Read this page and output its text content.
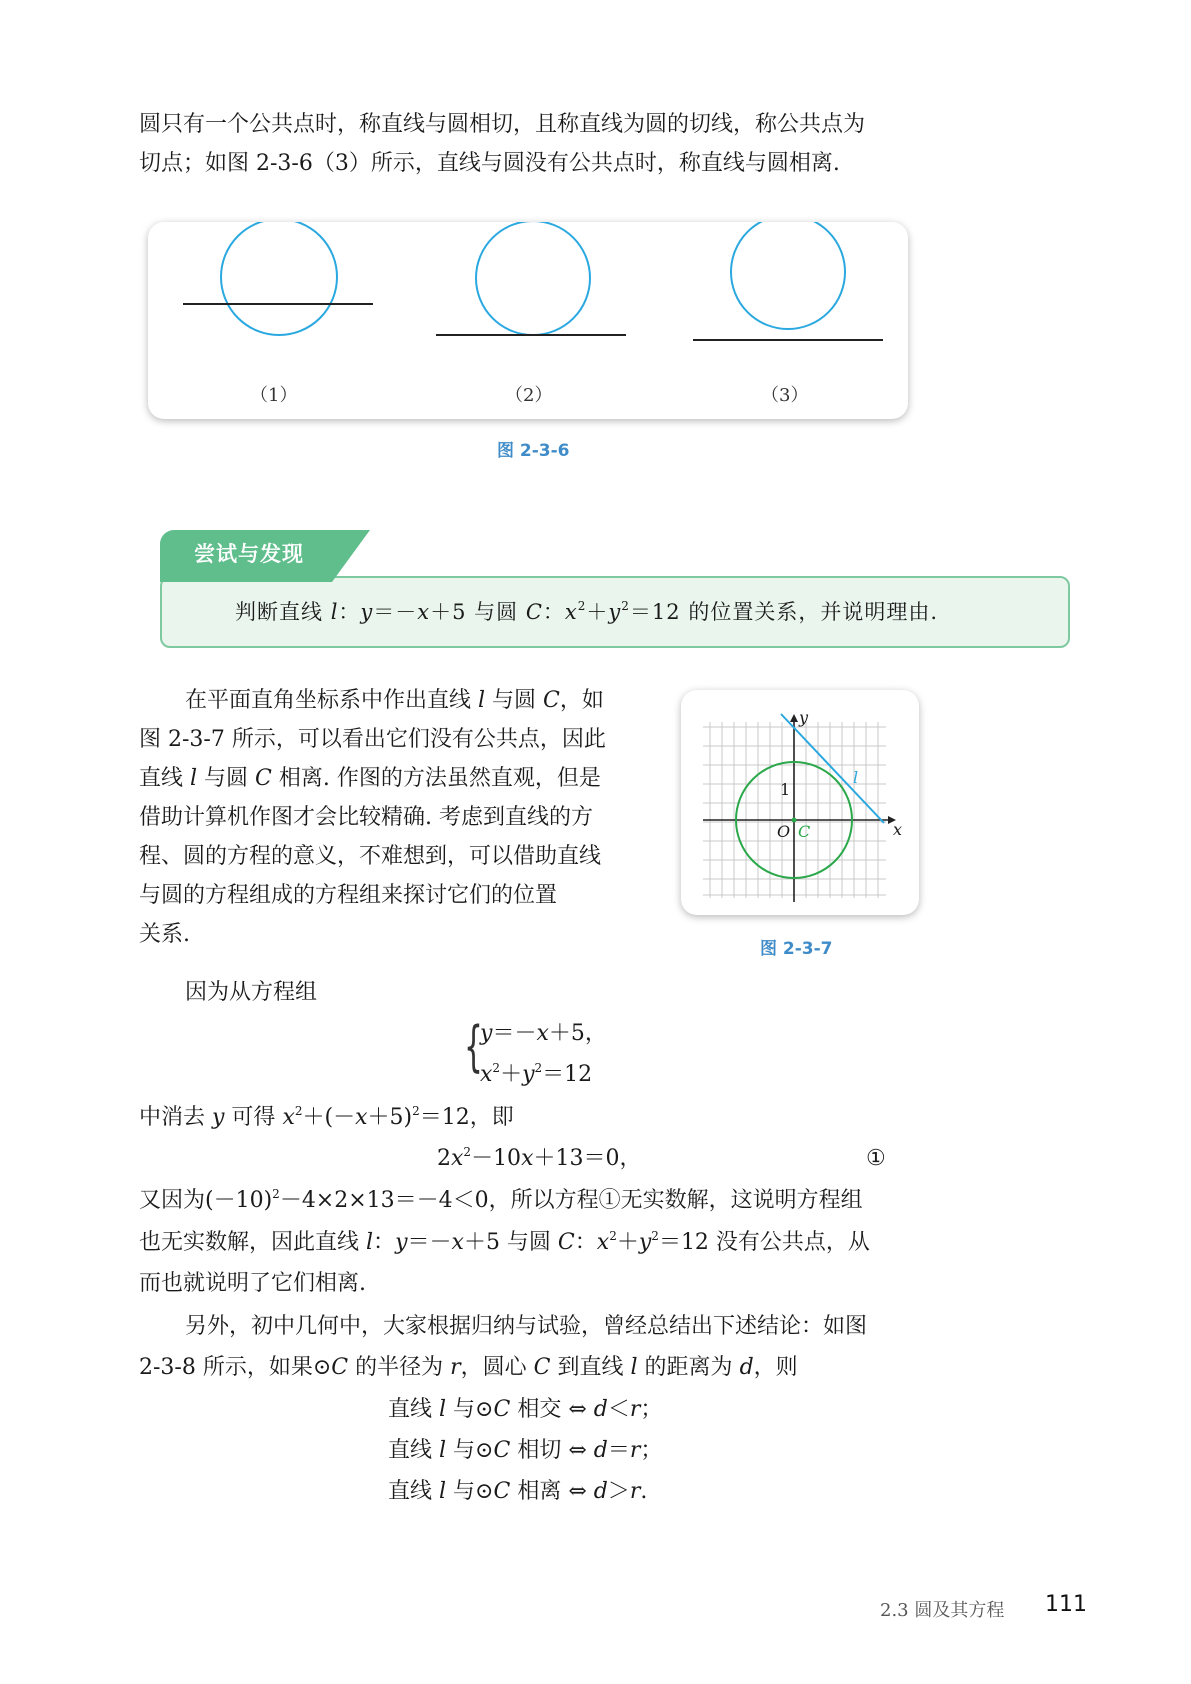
圆只有一个公共点时，称直线与圆相切，且称直线为圆的切线，称公共点为
切点；如图 2-3-6（3）所示，直线与圆没有公共点时，称直线与圆相离.
（1）	（2）	（3）
图 2-3-6
尝试与发现
判断直线 l：y＝－x＋5 与圆 C：$x^2+y^2=12$ 的位置关系，并说明理由.
在平面直角坐标系中作出直线 l 与圆 C，如
图 2-3-7 所示，可以看出它们没有公共点，因此
直线 l 与圆 C 相离. 作图的方法虽然直观，但是
借助计算机作图才会比较精确. 考虑到直线的方
程、圆的方程的意义，不难想到，可以借助直线
与圆的方程组成的方程组来探讨它们的位置
关系.
y
x
l
1
O C
图 2-3-7
因为从方程组
{
y＝－x＋5，
$x^2+y^2=12$
中消去 y 可得 $x^2+(-x+5)^2=12$，即
$2x^2-10x+13=0$，	①
又因为$(-10)^2-4\times 2\times 13=-4<0$，所以方程①无实数解，这说明方程组
也无实数解，因此直线 l：y＝－x＋5 与圆 C：$x^2+y^2=12$ 没有公共点，从
而也就说明了它们相离.
另外，初中几何中，大家根据归纳与试验，曾经总结出下述结论：如图
2-3-8 所示，如果⊙C 的半径为 r，圆心 C 到直线 l 的距离为 d，则
直线 l 与⊙C 相交 ⇔ d＜r；
直线 l 与⊙C 相切 ⇔ d＝r；
直线 l 与⊙C 相离 ⇔ d＞r.
2.3 圆及其方程 111
